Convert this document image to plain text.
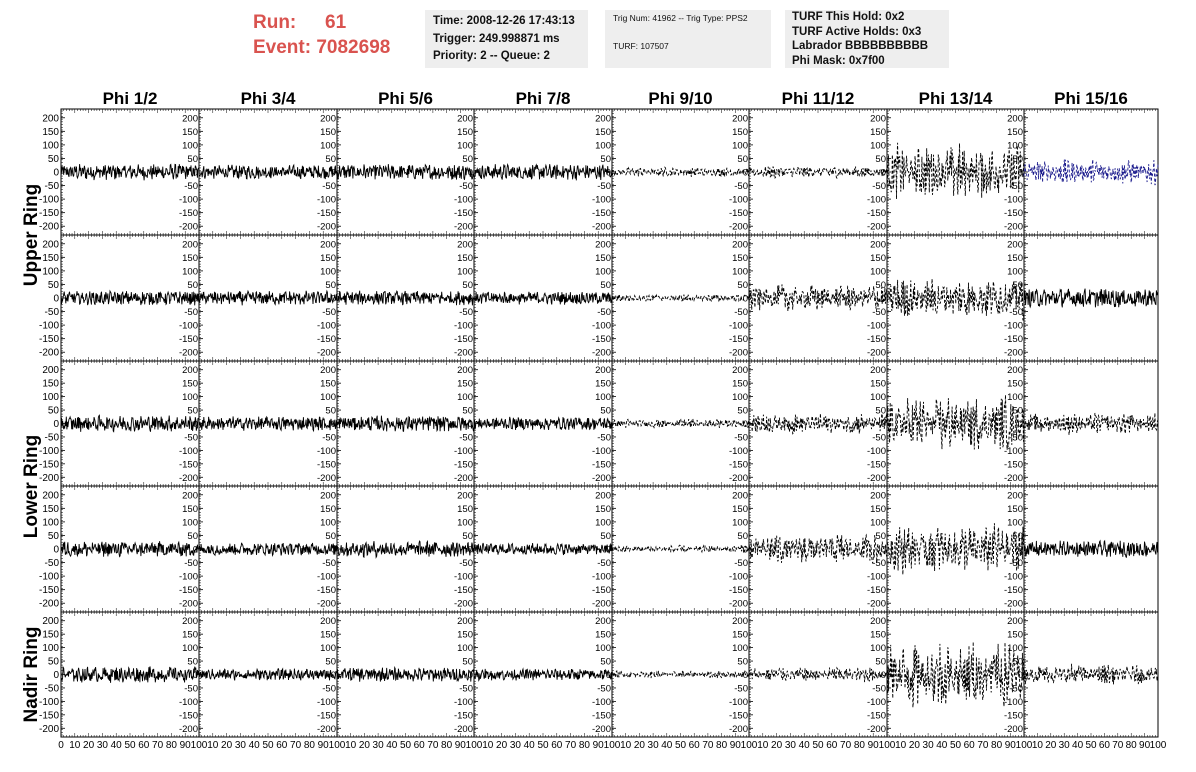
Run:	61
Event:
7082698
Time: 2008-12-26 17:43:13
Trigger: 249.998871 ms
Priority: 2 -- Queue: 2
Trig Num: 41962 -- Trig Type: PPS2
TURF: 107507
TURF This Hold: 0x2
TURF Active Holds: 0x3
Labrador BBBBBBBBBB
Phi Mask: 0x7f00
Phi 1/2	Phi 3/4	Phi 5/6	Phi 7/8	Phi 9/10	Phi 11/12	Phi 13/14	Phi 15/16
Upper Ring
Lower Ring
Nadir Ring
200
150
100
50
0
-50
-100
-150
-200
200
150
100
50
0
-50
-100
-150
-200
200
150
100
50
0
-50
-100
-150
-200
200
150
100
50
0
-50
-100
-150
-200
200
150
100
50
0
-50
-100
-150
-200
200
150
100
50
0
-50
-100
-150
-200
200
150
100
50
0
-50
-100
-150
-200
200
150
100
50
0
-50
-100
-150
-200
200
150
100
50
0
-50
-100
-150
-200
200
150
100
50
0
-50
-100
-150
-200
200
150
100
50
0
-50
-100
-150
-200
200
150
100
50
0
-50
-100
-150
-200
200
150
100
50
0
-50
-100
-150
-200
200
150
100
50
0
-50
-100
-150
-200
200
150
100
50
0
-50
-100
-150
-200
200
150
100
50
0
-50
-100
-150
-200
200
150
100
50
0
-50
-100
-150
-200
200
150
100
50
0
-50
-100
-150
-200
200
150
100
50
0
-50
-100
-150
-200
200
150
100
50
0
-50
-100
-150
-200
200
150
100
50
0
-50
-100
-150
-200
200
150
100
50
0
-50
-100
-150
-200
200
150
100
50
0
-50
-100
-150
-200
200
150
100
50
0
-50
-100
-150
-200
200
150
100
50
0
-50
-100
-150
-200
200
150
100
50
0
-50
-100
-150
-200
200
150
100
50
0
-50
-100
-150
-200
200
150
100
50
0
-50
-100
-150
-200
200
150
100
50
0
-50
-100
-150
-200
200
150
100
50
0
-50
-100
-150
-200
200
150
100
50
0
-50
-100
-150
-200
200
150
100
50
0
-50
-100
-150
-200
200
150
100
50
0
-50
-100
-150
-200
200
150
100
50
0
-50
-100
-150
-200
200
150
100
50
0
-50
-100
-150
-200
200
150
100
50
0
-50
-100
-150
-200
200
150
100
50
0
-50
-100
-150
-200
200
150
100
50
0
-50
-100
-150
-200
200
150
100
50
0
-50
-100
-150
-200
200
150
100
50
0
-50
-100
-150
-200
0 10 20 30 40 50 60 70 80 90 100 10 20 30 40 50 60 70 80 90 100 10 20 30 40 50 60 70 80 90 100 10 20 30 40 50 60 70 80 90 100 10 20 30 40 50 60 70 80 90 100 10 20 30 40 50 60 70 80 90 100 10 20 30 40 50 60 70 80 90 100 10 20 30 40 50 60 70 80 90 100
